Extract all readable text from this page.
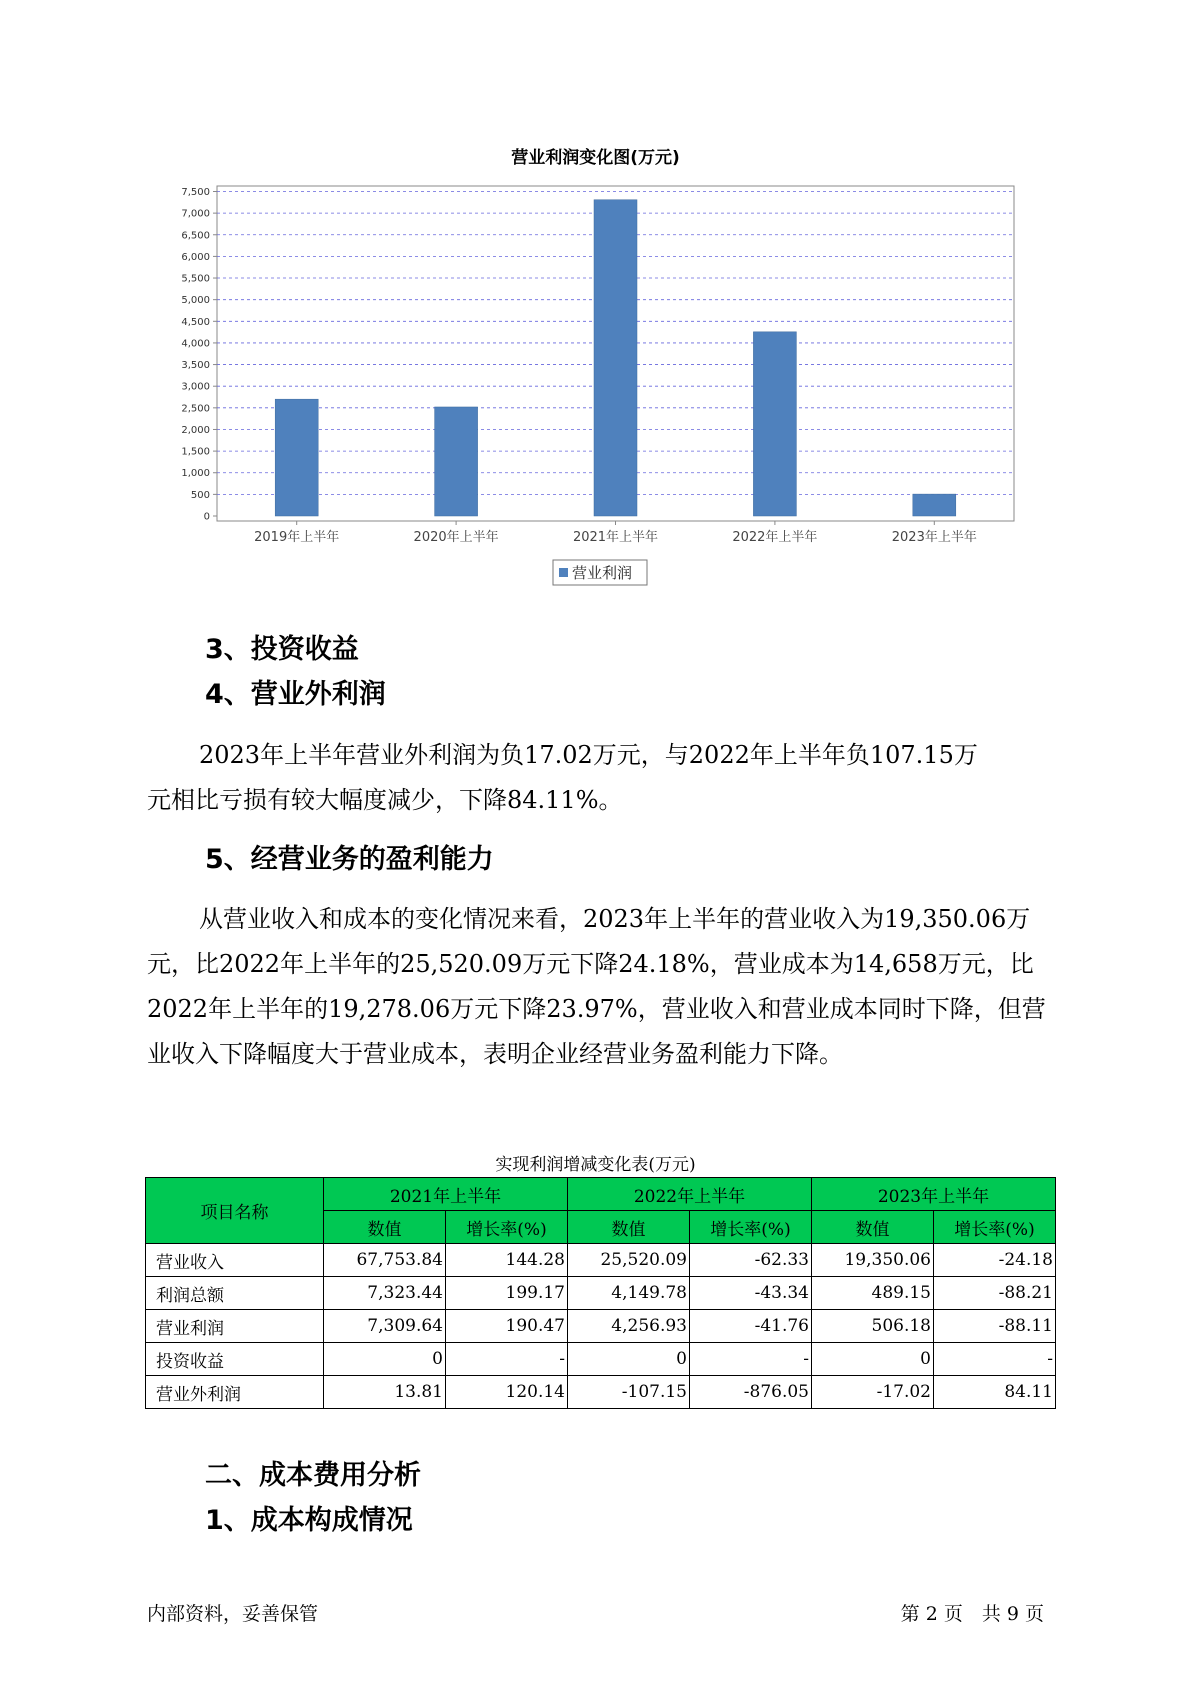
营业利润变化图(万元)
7,500
7,000
6,500
6,000
5,500
5,000
4,500
4,000
3,500
3,000
2,500
2,000
1,500
1,000
500
0
2019年上半年	2020年上半年	2021年上半年	2022年上半年	2023年上半年
营业利润
3、投资收益
4、营业外利润

2023年上半年营业外利润为负17.02万元，与2022年上半年负107.15万

元相比亏损有较大幅度减少，下降84.11%。

5、经营业务的盈利能力

从营业收入和成本的变化情况来看，2023年上半年的营业收入为19,350.06万元，比2022年上半年的25,520.09万元下降24.18%，营业成本为14,658万元，比2022年上半年的19,278.06万元下降23.97%，营业收入和营业成本同时下降，但营业收入下降幅度大于营业成本，表明企业经营业务盈利能力下降。

实现利润增减变化表(万元)
项目名称	2021年上半年		2022年上半年		2023年上半年	
	数值	增长率(%)	数值	增长率(%)	数值	增长率(%)
营业收入	67,753.84	144.28	25,520.09	-62.33	19,350.06	-24.18
利润总额	7,323.44	199.17	4,149.78	-43.34	489.15	-88.21
营业利润	7,309.64	190.47	4,256.93	-41.76	506.18	-88.11
投资收益	0	-	0	-	0	-
营业外利润	13.81	120.14	-107.15	-876.05	-17.02	84.11
二、成本费用分析
1、成本构成情况
内部资料，妥善保管	第 2 页　共 9 页
